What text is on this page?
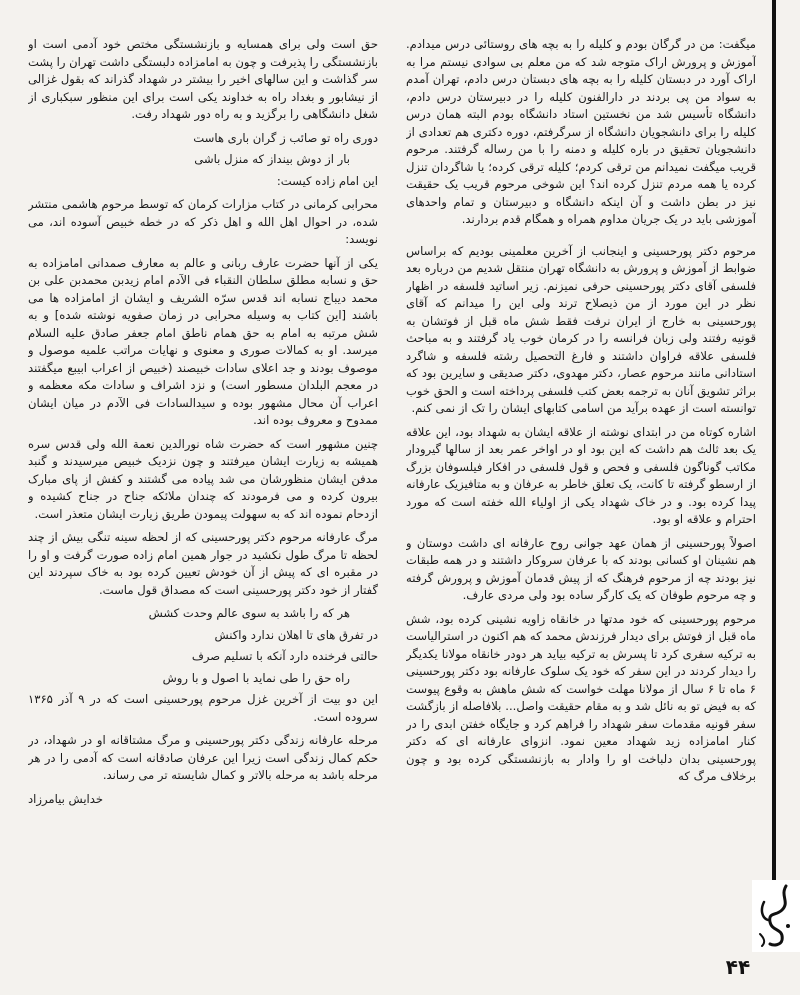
میگفت: من در گرگان بودم و کلیله را به بچه های روستائی درس میدادم. آموزش و پرورش اراک متوجه شد که من معلم بی سوادی نیستم مرا به اراک آورد در دبستان کلیله را به بچه های دبستان درس دادم، تهران آمدم به سواد من پی بردند در دارالفنون کلیله را در دبیرستان درس دادم، دانشگاه تأسیس شد من نخستین استاد دانشگاه بودم البته همان درس کلیله را برای دانشجویان دانشگاه از سرگرفتم، دوره دکتری هم تعدادی از دانشجویان تحقیق در باره کلیله و دمنه را با من رساله گرفتند. مرحوم قریب میگفت نمیدانم من ترقی کردم؛ کلیله ترقی کرده؛ یا شاگردان تنزل کرده یا همه مردم تنزل کرده اند؟ این شوخی مرحوم قریب یک حقیقت نیز در بطن داشت و آن اینکه دانشگاه و دبیرستان و تمام واحدهای آموزشی باید در یک جریان مداوم همراه و همگام قدم بردارند.

مرحوم دکتر پورحسینی و اینجانب از آخرین معلمینی بودیم که براساس ضوابط از آموزش و پرورش به دانشگاه تهران منتقل شدیم من درباره بعد فلسفی آقای دکتر پورحسینی حرفی نمیزنم. زیر اساتید فلسفه در اظهار نظر در این مورد از من ذیصلاح ترند ولی این را میدانم که آقای پورحسینی به خارج از ایران نرفت فقط شش ماه قبل از فوتشان به قونیه رفتند ولی زبان فرانسه را در کرمان خوب یاد گرفتند و به مباحث فلسفی علاقه فراوان داشتند و فارغ التحصیل رشته فلسفه و شاگرد استادانی مانند مرحوم عصار، دکتر مهدوی، دکتر صدیقی و سایرین بود که براثر تشویق آنان به ترجمه بعض کتب فلسفی پرداخته است و الحق خوب توانسته است از عهده برآید من اسامی کتابهای ایشان را تک از نمی کنم.

اشاره کوتاه من در ابتدای نوشته از علاقه ایشان به شهداد بود، این علاقه یک بعد ثالث هم داشت که این بود او در اواخر عمر بعد از سالها گیرودار مکاتب گوناگون فلسفی و فحص و قول فلسفی در افکار فیلسوفان بزرگ از ارسطو گرفته تا کانت، یک تعلق خاطر به عرفان و به متافیزیک عارفانه پیدا کرده بود. و در خاک شهداد یکی از اولیاء الله خفته است که مورد احترام و علاقه او بود.

اصولاً پورحسینی از همان عهد جوانی روح عارفانه ای داشت دوستان و هم نشینان او کسانی بودند که با عرفان سروکار داشتند و در همه طبقات نیز بودند چه از مرحوم فرهنگ که از پیش قدمان آموزش و پرورش گرفته و چه مرحوم طوفان که یک کارگر ساده بود ولی مردی عارف.

مرحوم پورحسینی که خود مدتها در خانقاه زاویه نشینی کرده بود، شش ماه قبل از فوتش برای دیدار فرزندش محمد که هم اکنون در استرالیاست به ترکیه سفری کرد تا پسرش به ترکیه بیاید هر دودر خانقاه مولانا یکدیگر را دیدار کردند در این سفر که خود یک سلوک عارفانه بود دکتر پورحسینی ۶ ماه تا ۶ سال از مولانا مهلت خواست که شش ماهش به وقوع پیوست که به فیض تو به نائل شد و به مقام حقیقت واصل... بلافاصله از بازگشت سفر قونیه مقدمات سفر شهداد را فراهم کرد و جایگاه خفتن ابدی را در کنار امامزاده زید شهداد معین نمود. انزوای عارفانه ای که دکتر پورحسینی بدان دلباخت او را وادار به بازنشستگی کرده بود و چون برخلاف مرگ که

حق است ولی برای همسایه و بازنشستگی مختص خود آدمی است او بازنشستگی را پذیرفت و چون به امامزاده دلبستگی داشت تهران را پشت سر گذاشت و این سالهای اخیر را بیشتر در شهداد گذراند که بقول غزالی از نیشابور و بغداد راه به خداوند یکی است برای این منظور سبکباری از شغل دانشگاهی را برگزید و به راه دور شهداد رفت.

دوری راه تو صائب ز گران باری هاست
بار از دوش بینداز که منزل باشی

این امام زاده کیست:

محرابی کرمانی در کتاب مزارات کرمان که توسط مرحوم هاشمی منتشر شده، در احوال اهل الله و اهل ذکر که در خطه خبیص آسوده اند، می نویسد:

یکی از آنها حضرت عارف ربانی و عالم به معارف صمدانی امامزاده به حق و نسابه مطلق سلطان النقباء فی الآدم امام زیدبن محمدبن علی بن محمد دیباج نسابه اند قدس سرّه الشریف و ایشان از امامزاده ها می باشند [این کتاب به وسیله محرابی در زمان صفویه نوشته شده] و به شش مرتبه به امام به حق همام ناطق امام جعفر صادق علیه السلام میرسد. او به کمالات صوری و معنوی و نهایات مراتب علمیه موصول و موصوف بودند و جد اعلای سادات خبیصند (خبیص از اعراب ابیبع میگفتند در معجم البلدان مسطور است) و نزد اشراف و سادات مکه معظمه و اعراب آن محال مشهور بوده و سیدالسادات فی الآدم در میان ایشان ممدوح و معروف بوده اند.

چنین مشهور است که حضرت شاه نورالدین نعمة الله ولی قدس سره همیشه به زیارت ایشان میرفتند و چون نزدیک خبیص میرسیدند و گنبد مدفن ایشان منظورشان می شد پیاده می گشتند و کفش از پای مبارک بیرون کرده و می فرمودند که چندان ملائکه جناح در جناح کشیده و ازدحام نموده اند که به سهولت پیمودن طریق زیارت ایشان متعذر است.

مرگ عارفانه مرحوم دکتر پورحسینی که از لحظه سینه تنگی بیش از چند لحظه تا مرگ طول نکشید در جوار همین امام زاده صورت گرفت و او را در مقبره ای که پیش از آن خودش تعیین کرده بود به خاک سپردند این گفتار از خود دکتر پورحسینی است که مصداق قول ماست.

هر که را باشد به سوی عالم وحدت کشش
در تفرق های تا اهلان ندارد واکنش
حالتی فرخنده دارد آنکه با تسلیم صرف
راه حق را طی نماید با اصول و با روش

این دو بیت از آخرین غزل مرحوم پورحسینی است که در ۹ آذر ۱۳۶۵ سروده است.

مرحله عارفانه زندگی دکتر پورحسینی و مرگ مشتاقانه او در شهداد، در حکم کمال زندگی است زیرا این عرفان صادقانه است که آدمی را در هر مرحله باشد به مرحله بالاتر و کمال شایسته تر می رساند.

خدایش بیامرزاد

۴۴
